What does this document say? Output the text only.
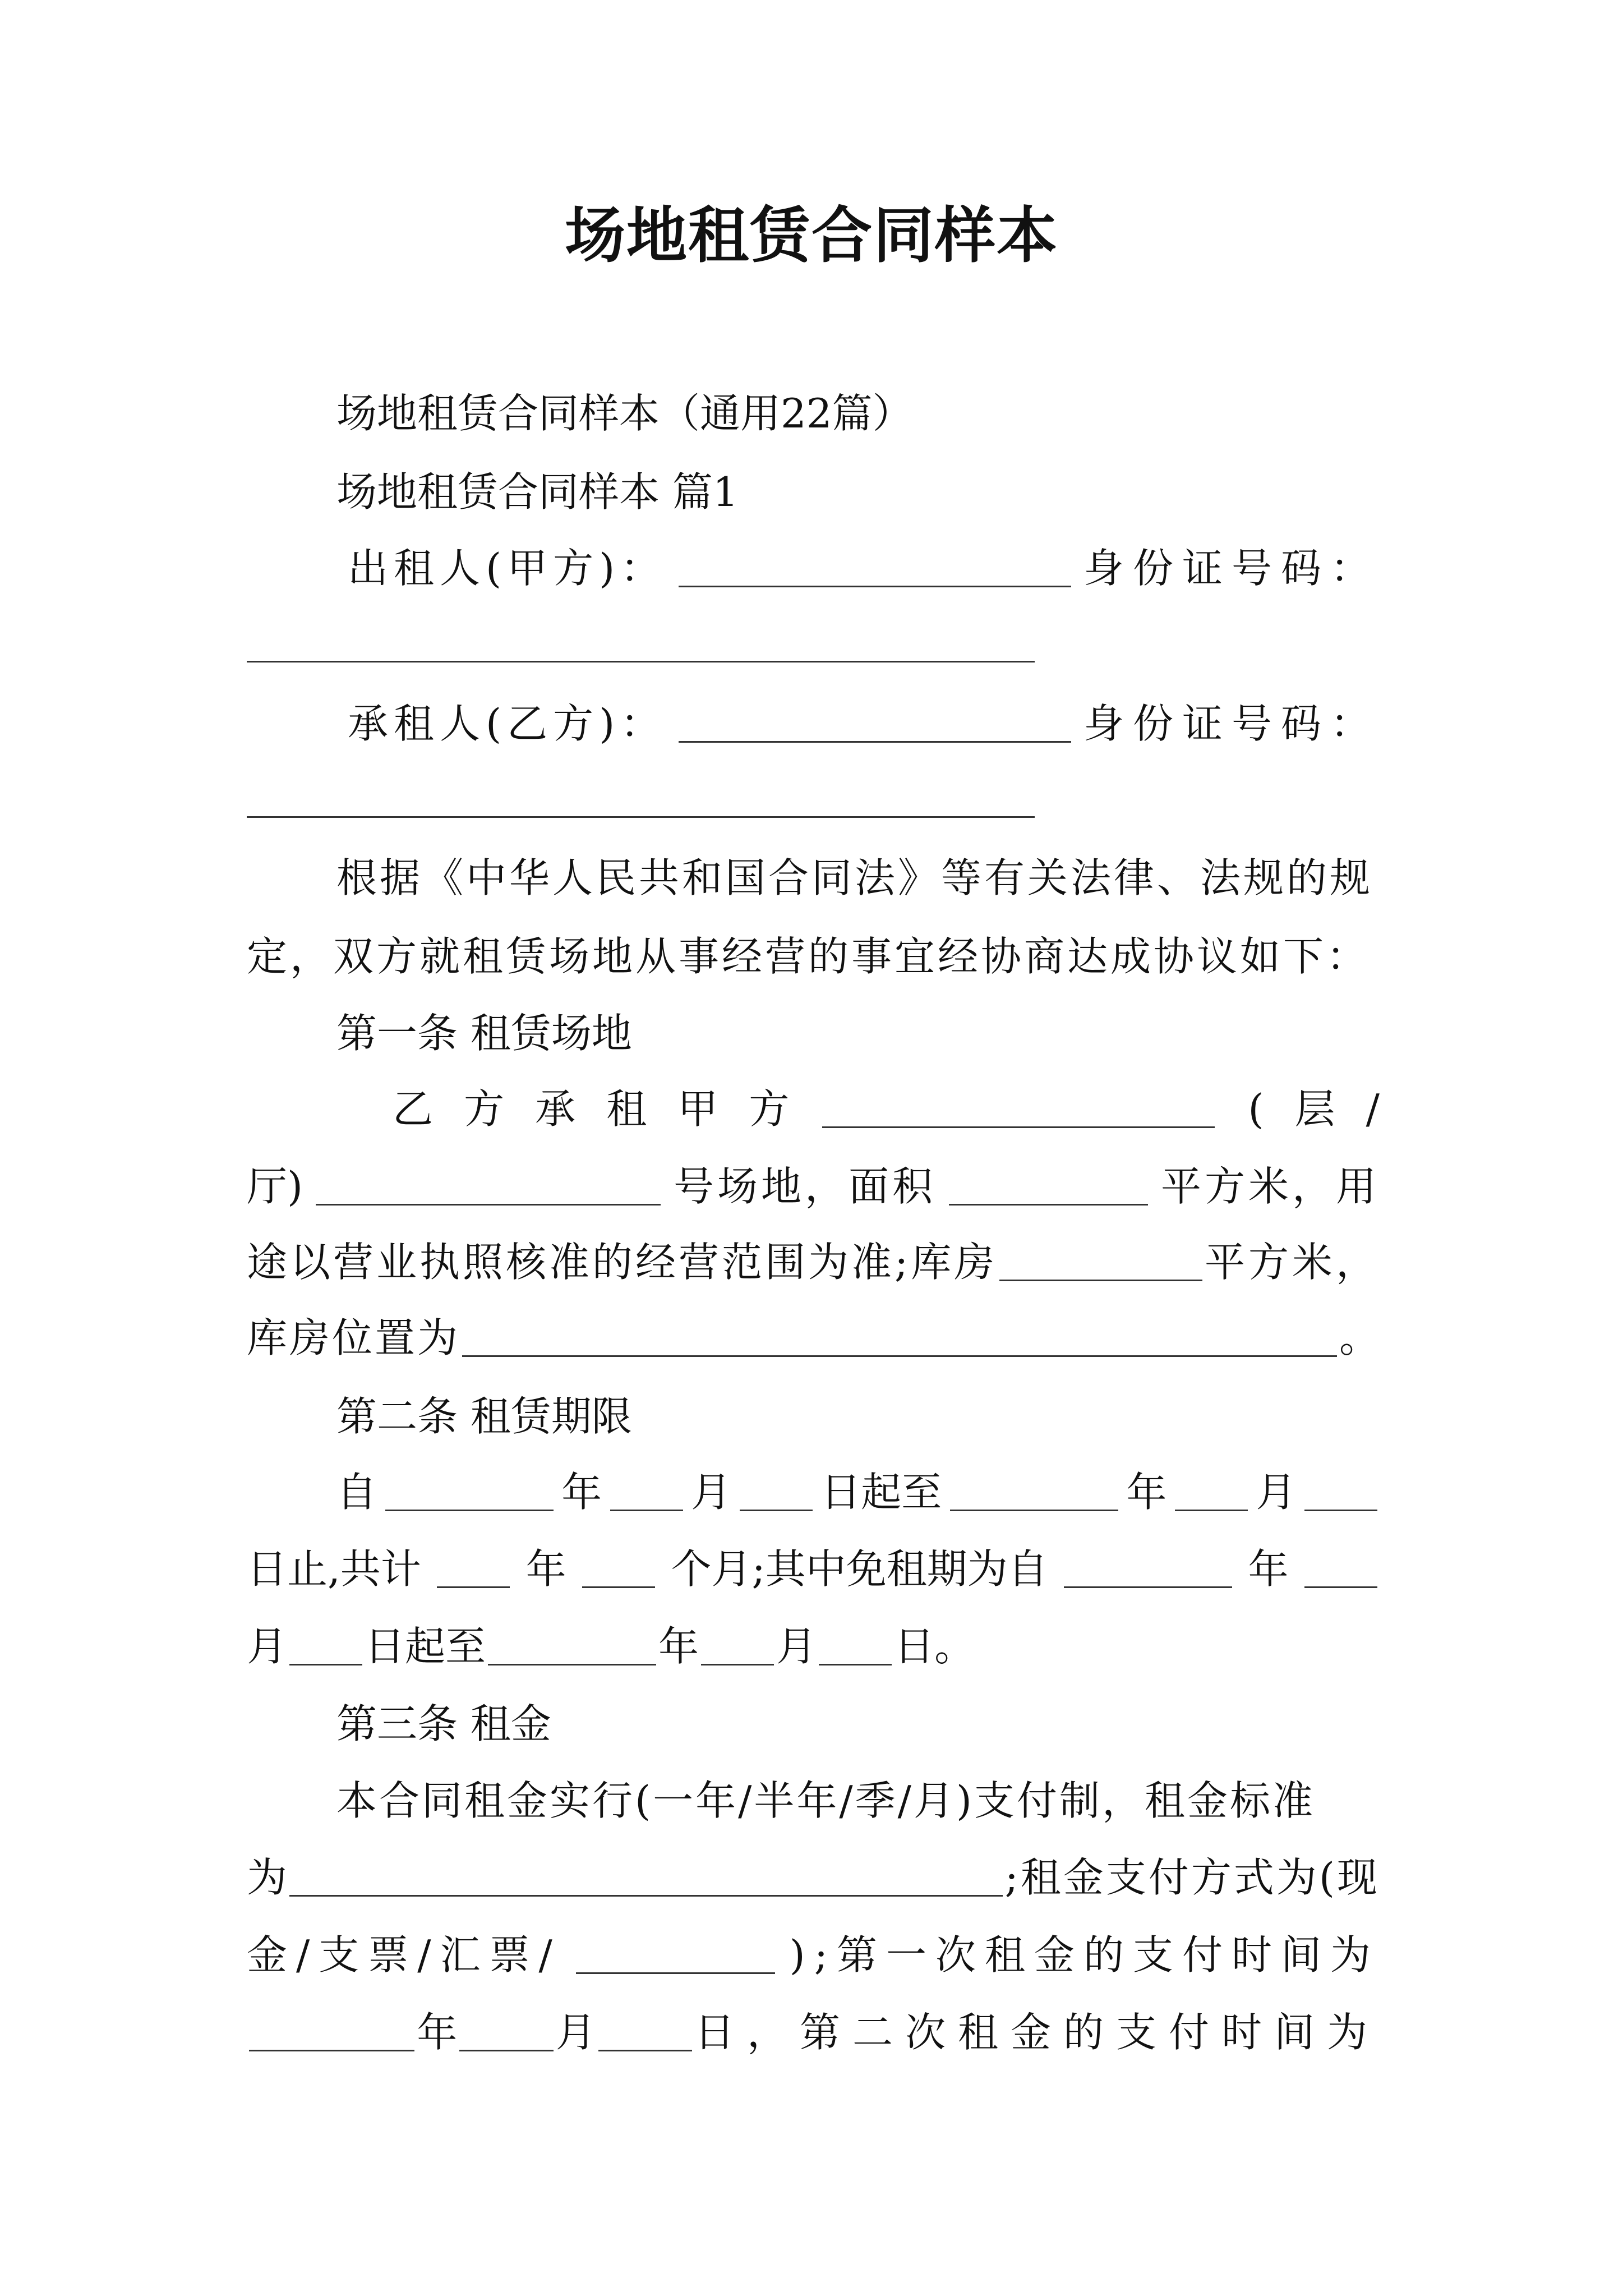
场地租赁合同样本
场地租赁合同样本（通用22篇）
场地租赁合同样本 篇1
出租人(甲方)：	身份证号码：
承租人(乙方)：	身份证号码：
根据《中华人民共和国合同法》等有关法律、法规的规
定，双方就租赁场地从事经营的事宜经协商达成协议如下：
第一条 租赁场地
乙 方 承 租 甲 方	( 层 /
厅)	号场地，面积	平方米，用
途以营业执照核准的经营范围为准;库房	平方米，
库房位置为	。
第二条 租赁期限
自	年 月 日起至	年 月
日止,共计	年	个月;其中免租期为自	年
月 日起至	年 月 日。
第三条 租金
本合同租金实行(一年/半年/季/月)支付制，租金标准
为	;租金支付方式为(现
金/支票/汇票/	);第一次租金的支付时间为
年 月 日，第二次租金的支付时间为
